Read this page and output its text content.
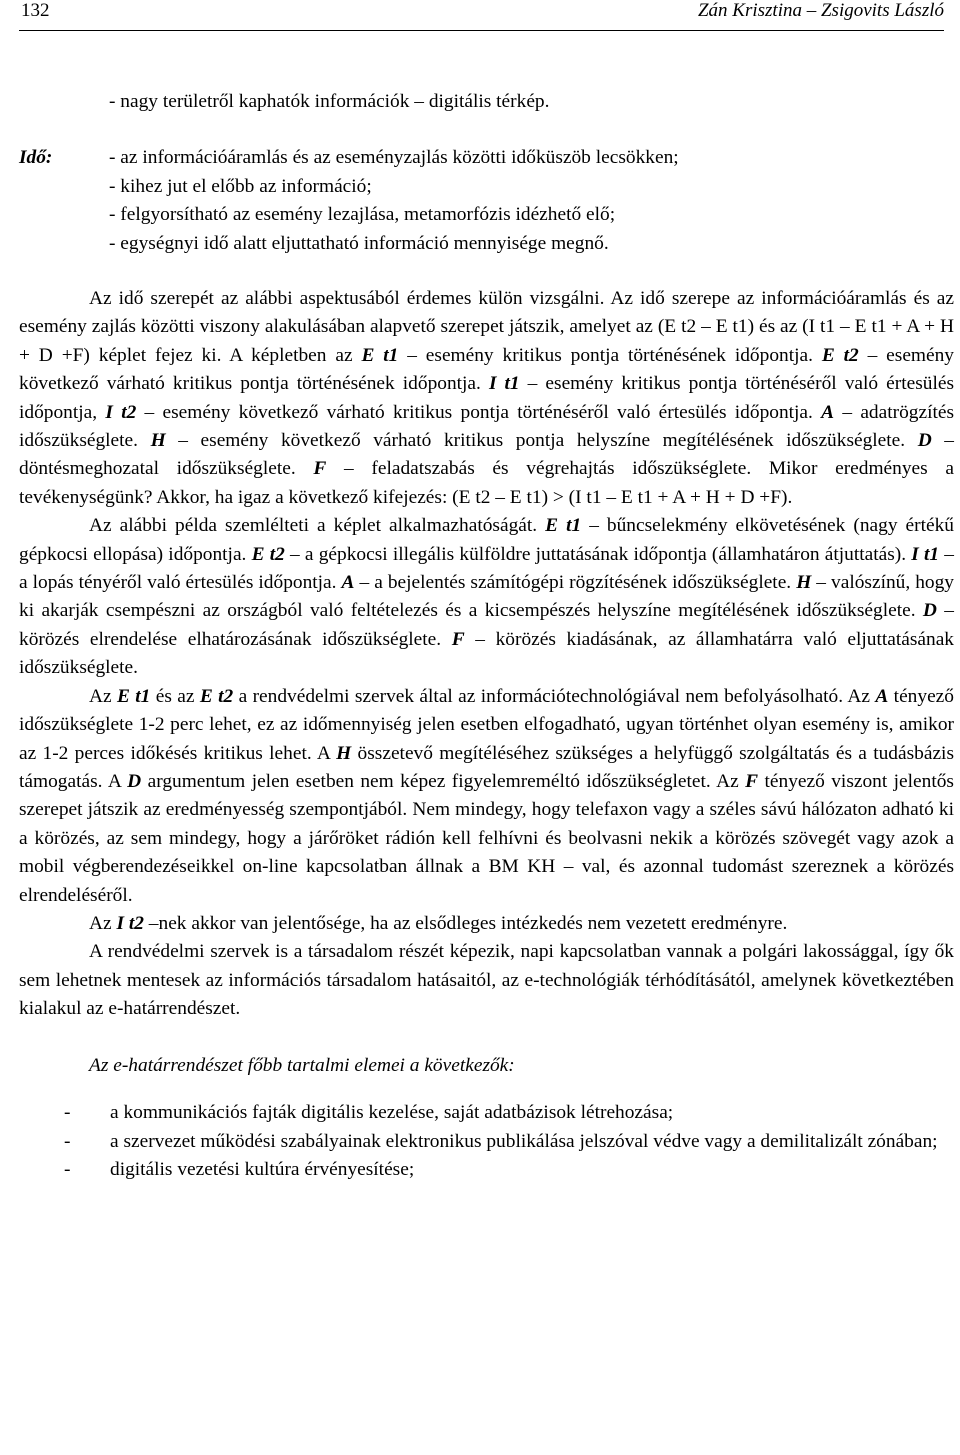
132	Zán Krisztina – Zsigovits László

- nagy területről kaphatók információk – digitális térkép.

Idő:	- az információáramlás és az eseményzajlás közötti időküszöb lecsökken;

- kihez jut el előbb az információ;

- felgyorsítható az esemény lezajlása, metamorfózis idézhető elő;

- egységnyi idő alatt eljuttatható információ mennyisége megnő.

Az idő szerepét az alábbi aspektusából érdemes külön vizsgálni. Az idő szerepe az információáramlás és az esemény zajlás közötti viszony alakulásában alapvető szerepet játszik, amelyet az (E t2 – E t1) és az (I t1 – E t1 + A + H + D +F) képlet fejez ki. A képletben az E t1 – esemény kritikus pontja történésének időpontja. E t2 – esemény következő várható kritikus pontja történésének időpontja. I t1 – esemény kritikus pontja történéséről való értesülés időpontja, I t2 – esemény következő várható kritikus pontja történéséről való értesülés időpontja. A – adatrögzítés időszükséglete. H – esemény következő várható kritikus pontja helyszíne megítélésének időszükséglete. D – döntésmeghozatal időszükséglete. F – feladatszabás és végrehajtás időszükséglete. Mikor eredményes a tevékenységünk? Akkor, ha igaz a következő kifejezés: (E t2 – E t1) > (I t1 – E t1 + A + H + D +F).

Az alábbi példa szemlélteti a képlet alkalmazhatóságát. E t1 – bűncselekmény elkövetésének (nagy értékű gépkocsi ellopása) időpontja. E t2 – a gépkocsi illegális külföldre juttatásának időpontja (államhatáron átjuttatás). I t1 – a lopás tényéről való értesülés időpontja. A – a bejelentés számítógépi rögzítésének időszükséglete. H – valószínű, hogy ki akarják csempészni az országból való feltételezés és a kicsempészés helyszíne megítélésének időszükséglete. D – körözés elrendelése elhatározásának időszükséglete. F – körözés kiadásának, az államhatárra való eljuttatásának időszükséglete.

Az E t1 és az E t2 a rendvédelmi szervek által az információtechnológiával nem befolyásolható. Az A tényező időszükséglete 1-2 perc lehet, ez az időmennyiség jelen esetben elfogadható, ugyan történhet olyan esemény is, amikor az 1-2 perces időkésés kritikus lehet. A H összetevő megítéléséhez szükséges a helyfüggő szolgáltatás és a tudásbázis támogatás. A D argumentum jelen esetben nem képez figyelemreméltó időszükségletet. Az F tényező viszont jelentős szerepet játszik az eredményesség szempontjából. Nem mindegy, hogy telefaxon vagy a széles sávú hálózaton adható ki a körözés, az sem mindegy, hogy a járőröket rádión kell felhívni és beolvasni nekik a körözés szövegét vagy azok a mobil végberendezéseikkel on-line kapcsolatban állnak a BM KH – val, és azonnal tudomást szereznek a körözés elrendeléséről.

Az I t2 –nek akkor van jelentősége, ha az elsődleges intézkedés nem vezetett eredményre.

A rendvédelmi szervek is a társadalom részét képezik, napi kapcsolatban vannak a polgári lakossággal, így ők sem lehetnek mentesek az információs társadalom hatásaitól, az e-technológiák térhódításától, amelynek következtében kialakul az e-határrendészet.

Az e-határrendészet főbb tartalmi elemei a következők:

- a kommunikációs fajták digitális kezelése, saját adatbázisok létrehozása;
- a szervezet működési szabályainak elektronikus publikálása jelszóval védve vagy a demilitalizált zónában;
- digitális vezetési kultúra érvényesítése;
